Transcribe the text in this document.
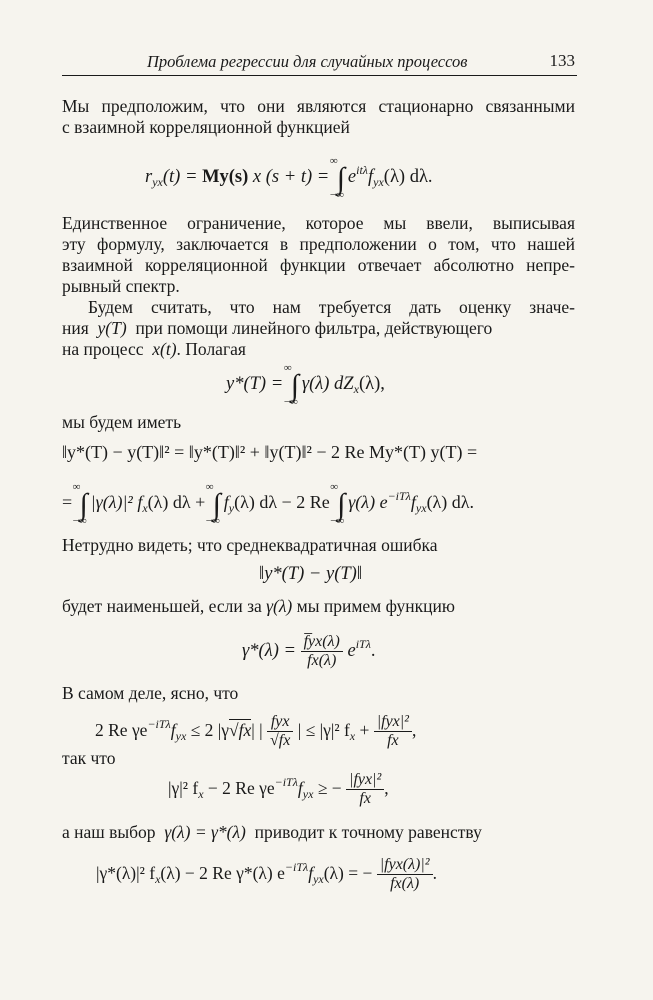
Проблема регрессии для случайных процессов	133

Мы предположим, что они являются стационарно связанными

с взаимной корреляционной функцией

$r_{yx}(t) = My(s)$ x (s + t) = ∫
∞
−∞
$e^{it\lambda}f_{yx}(\lambda)$ dλ.

Единственное ограничение, которое мы ввели, выписывая

эту формулу, заключается в предположении о том, что нашей

взаимной корреляционной функции отвечает абсолютно непре-

рывный спектр.

Будем считать, что нам требуется дать оценку значе-

ния y(T) при помощи линейного фильтра, действующего

на процесс x(t). Полагая

y*(T) = ∫
∞
−∞
γ(λ) $dZ_x(\lambda)$,

мы будем иметь

‖y*(T) − y(T)‖² = ‖y*(T)‖² + ‖y(T)‖² − 2 Re My*(T) y(T) =
= ∫
∞
−∞
|γ(λ)|² $f_x(\lambda) d\lambda$ + ∫
∞
−∞
$f_y(\lambda) d\lambda - 2$ Re ∫
∞
−∞
γ(λ) $e^{-iT\lambda}f_{yx}(\lambda)$ dλ.

Нетрудно видеть; что среднеквадратичная ошибка

‖y*(T) − y(T)‖

будет наименьшей, если за γ(λ) мы примем функцию

$\gamma*(\lambda) = \frac{f̅yx(\lambda)}{fx(\lambda)} e^{iT\lambda}$.

В самом деле, ясно, что

2 Re $\gamma e^{-iT\lambda}f_{yx} \le 2$ |γ√fx| | $\frac{\text{fyx}}{√fx}$ | ≤ |γ|² $f_x + \frac{\text{|fyx|²}}{fx}$ ,

так что

|γ|² $f_x - 2$ Re $\gamma e^{-iT\lambda}f_{yx}$ ≥ − $\frac{\text{|fyx|²}}{fx}$ ,

а наш выбор γ(λ) = γ*(λ) приводит к точному равенству

|γ*(λ)|² $f_x(\lambda) - 2$ Re γ*(λ) $e^{-iT\lambda}f_{yx}(\lambda)$ = − $\frac{\text{|fyx(λ)|²}}{fx(\lambda)}$ .
